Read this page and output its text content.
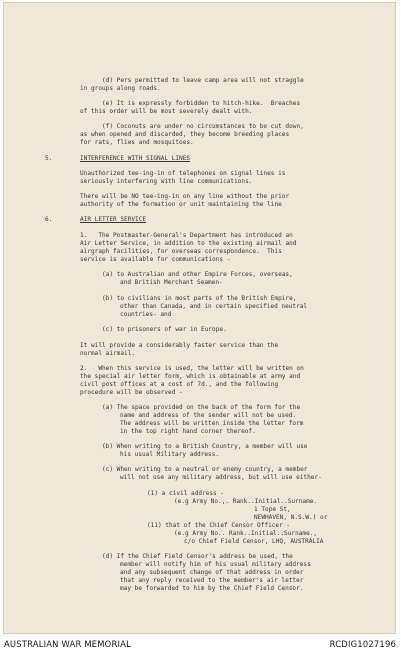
(d) Pers permitted to leave camp area will not straggle
in groups along roads.
(e) It is expressly forbidden to hitch-hike.  Breaches
of this order will be most severely dealt with.
(f) Coconuts are under no circumstances to be cut down,
as when opened and discarded, they become breeding places
for rats, flies and mosquitoes.
5.	INTERFERENCE WITH SIGNAL LINES
Unauthorized tee-ing-in of telephones on signal lines is
seriously interfering with line communications.
There will be NO tee-ing-in on any line without the prior
authority of the formation or unit maintaining the line
6.	AIR LETTER SERVICE
1.   The Postmaster-General's Department has introduced an
Air Letter Service, in addition to the existing airmail and
airgraph facilities, for overseas correspondence.  This
service is available for communications -
(a) to Australian and other Empire Forces, overseas,
and British Merchant Seamen-
(b) to civilians in most parts of the British Empire,
other than Canada, and in certain specified neutral
countries- and
(c) to prisoners of war in Europe.
It will provide a considerably faster service than the
normal airmail.
2.   When this service is used, the letter will be written on
the special air letter form, which is obtainable at army and
civil post offices at a cost of 7d., and the following
procedure will be observed -
(a) The space provided on the back of the form for the
name and address of the sender will not be used.
The address will be written inside the letter form
in the top right hand corner thereof.
(b) When writing to a British Country, a member will use
his usual Military address.
(c) When writing to a neutral or enemy country, a member
will not use any military address, but will use either-
(1) a civil address -
(e.g Army No.,. Rank..Initial..Surname.
1 Tope St,
NEWHAVEN, N.S.W.) or
(11) that of the Chief Censor Officer -
(e.g Army No.. Rank..Initial..Surname.,
c/o Chief Field Censor, LHQ, AUSTRALIA
(d) If the Chief Field Censor's address be used, the
member will notify him of his usual military address
and any subsequent change of that address in order
that any reply received to the member's air letter
may be forwarded to him by the Chief Field Censor.
AUSTRALIAN WAR MEMORIAL	RCDIG1027196
